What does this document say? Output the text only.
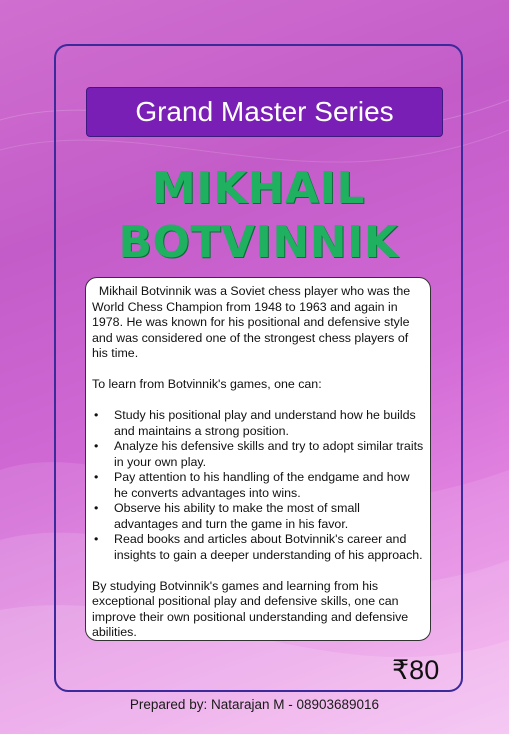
Grand Master Series
MIKHAIL
BOTVINNIK

Mikhail Botvinnik was a Soviet chess player who was the World Chess Champion from 1948 to 1963 and again in 1978. He was known for his positional and defensive style and was considered one of the strongest chess players of his time.

To learn from Botvinnik's games, one can:

• Study his positional play and understand how he builds and maintains a strong position.
• Analyze his defensive skills and try to adopt similar traits in your own play.
• Pay attention to his handling of the endgame and how he converts advantages into wins.
• Observe his ability to make the most of small advantages and turn the game in his favor.
• Read books and articles about Botvinnik's career and insights to gain a deeper understanding of his approach.

By studying Botvinnik's games and learning from his exceptional positional play and defensive skills, one can improve their own positional understanding and defensive abilities.

₹80
Prepared by: Natarajan M - 08903689016
